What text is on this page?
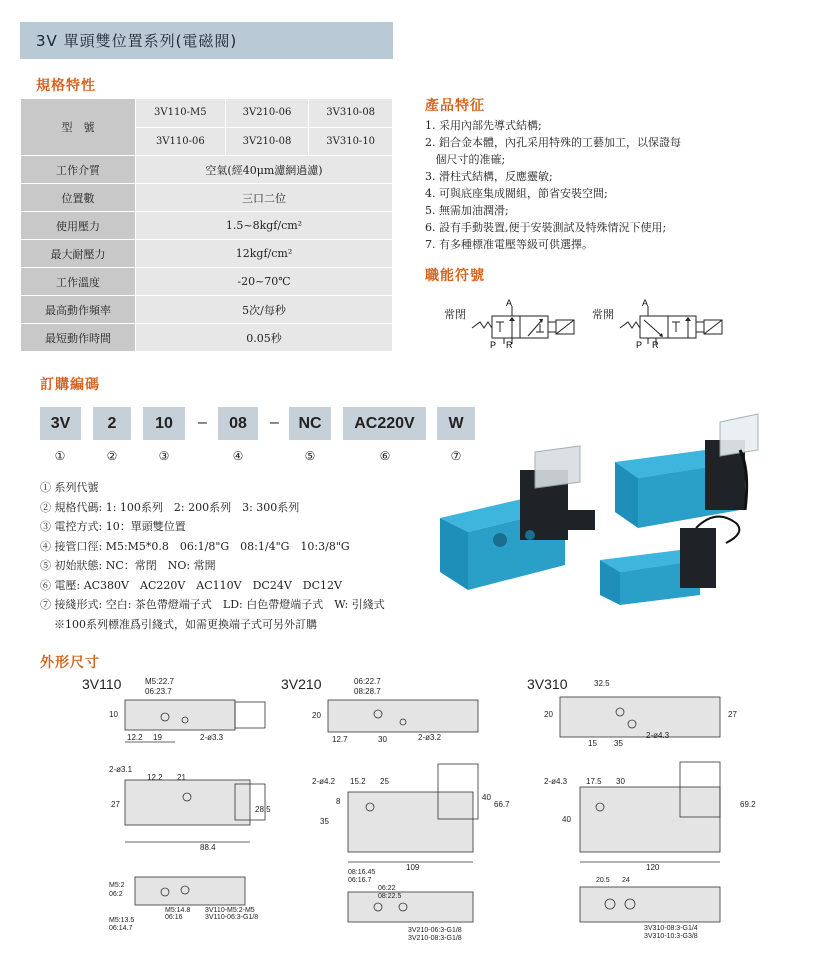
3V 單頭雙位置系列(電磁閥)
規格特性
型　號	3V110-M5	3V210-06	3V310-08
	3V110-06	3V210-08	3V310-10
工作介質	空氣(經40μm濾網過濾)		
位置數	三口二位		
使用壓力	1.5~8kgf/cm²		
最大耐壓力	12kgf/cm²		
工作溫度	-20~70℃		
最高動作頻率	5次/每秒		
最短動作時間	0.05秒		
產品特征
1. 采用內部先導式結構;
2. 鋁合金本體，內孔采用特殊的工藝加工，以保證每
個尺寸的准確;
3. 滑柱式結構，反應靈敏;
4. 可與底座集成閥組，節省安裝空間;
5. 無需加油潤滑;
6. 設有手動裝置,便于安裝測試及特殊情況下使用;
7. 有多種標准電壓等級可供選擇。
職能符號
常閉	常開
A
P R
A
P R
訂購編碼
3V	2	10	–	08	–	NC	AC220V	W
①	②	③	④	⑤	⑥	⑦
① 系列代號
② 規格代碼: 1: 100系列　2: 200系列　3: 300系列
③ 電控方式: 10：單頭雙位置
④ 接管口徑: M5:M5*0.8　06:1/8"G　08:1/4"G　10:3/8"G
⑤ 初始狀態: NC：常閉　NO: 常開
⑥ 電壓: AC380V　AC220V　AC110V　DC24V　DC12V
⑦ 接綫形式: 空白: 茶色帶燈端子式　LD: 白色帶燈端子式　W: 引綫式
※100系列標准爲引綫式，如需更換端子式可另外訂購
外形尺寸
3V110	3V210	3V310
M5:22.7
06:23.7
10
12.2 19	2-ø3.3
2-ø3.1
12.2 21
27
28.5
88.4
M5:2
06:2
M5:14.8
06:16
M5:13.5
06:14.7
3V110-M5:2-M5
3V110-06:3-G1/8
06:22.7
08:28.7
20
12.7	30	2-ø3.2
2-ø4.2 15.2 25
8
35
40
66.7
109
08:16.45
06:16.7
06:22
08:22.5
3V210-06:3-G1/8
3V210-08:3-G1/8
32.5
20
15 35
2-ø4.3
27
2-ø4.3 17.5 30
40
69.2
120
20.5 24
3V310-08:3-G1/4
3V310-10:3-G3/8
